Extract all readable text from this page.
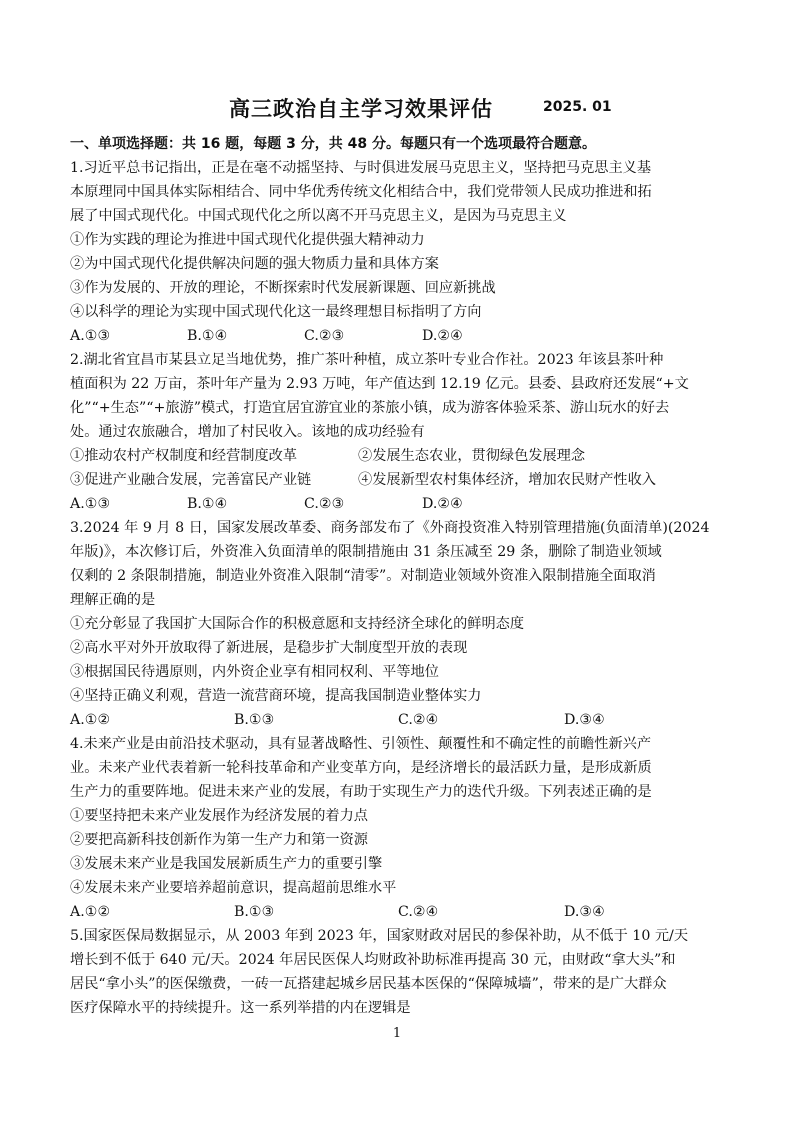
高三政治自主学习效果评估	2025. 01
一、单项选择题：共 16 题，每题 3 分，共 48 分。每题只有一个选项最符合题意。
1.习近平总书记指出，正是在毫不动摇坚持、与时俱进发展马克思主义，坚持把马克思主义基
本原理同中国具体实际相结合、同中华优秀传统文化相结合中，我们党带领人民成功推进和拓
展了中国式现代化。中国式现代化之所以离不开马克思主义，是因为马克思主义
①作为实践的理论为推进中国式现代化提供强大精神动力
②为中国式现代化提供解决问题的强大物质力量和具体方案
③作为发展的、开放的理论，不断探索时代发展新课题、回应新挑战
④以科学的理论为实现中国式现代化这一最终理想目标指明了方向
A.①③	B.①④	C.②③	D.②④
2.湖北省宜昌市某县立足当地优势，推广茶叶种植，成立茶叶专业合作社。2023 年该县茶叶种
植面积为 22 万亩，茶叶年产量为 2.93 万吨，年产值达到 12.19 亿元。县委、县政府还发展“+文
化”“+生态”“+旅游”模式，打造宜居宜游宜业的茶旅小镇，成为游客体验采茶、游山玩水的好去
处。通过农旅融合，增加了村民收入。该地的成功经验有
①推动农村产权制度和经营制度改革	②发展生态农业，贯彻绿色发展理念
③促进产业融合发展，完善富民产业链	④发展新型农村集体经济，增加农民财产性收入
A.①③	B.①④	C.②③	D.②④
3.2024 年 9 月 8 日，国家发展改革委、商务部发布了《外商投资准入特别管理措施(负面清单)(2024
年版)》，本次修订后，外资准入负面清单的限制措施由 31 条压减至 29 条，删除了制造业领域
仅剩的 2 条限制措施，制造业外资准入限制“清零”。对制造业领域外资准入限制措施全面取消
理解正确的是
①充分彰显了我国扩大国际合作的积极意愿和支持经济全球化的鲜明态度
②高水平对外开放取得了新进展，是稳步扩大制度型开放的表现
③根据国民待遇原则，内外资企业享有相同权利、平等地位
④坚持正确义利观，营造一流营商环境，提高我国制造业整体实力
A.①②	B.①③	C.②④	D.③④
4.未来产业是由前沿技术驱动，具有显著战略性、引领性、颠覆性和不确定性的前瞻性新兴产
业。未来产业代表着新一轮科技革命和产业变革方向，是经济增长的最活跃力量，是形成新质
生产力的重要阵地。促进未来产业的发展，有助于实现生产力的迭代升级。下列表述正确的是
①要坚持把未来产业发展作为经济发展的着力点
②要把高新科技创新作为第一生产力和第一资源
③发展未来产业是我国发展新质生产力的重要引擎
④发展未来产业要培养超前意识，提高超前思维水平
A.①②	B.①③	C.②④	D.③④
5.国家医保局数据显示，从 2003 年到 2023 年，国家财政对居民的参保补助，从不低于 10 元/天
增长到不低于 640 元/天。2024 年居民医保人均财政补助标准再提高 30 元，由财政“拿大头”和
居民“拿小头”的医保缴费，一砖一瓦搭建起城乡居民基本医保的“保障城墙”，带来的是广大群众
医疗保障水平的持续提升。这一系列举措的内在逻辑是
1
